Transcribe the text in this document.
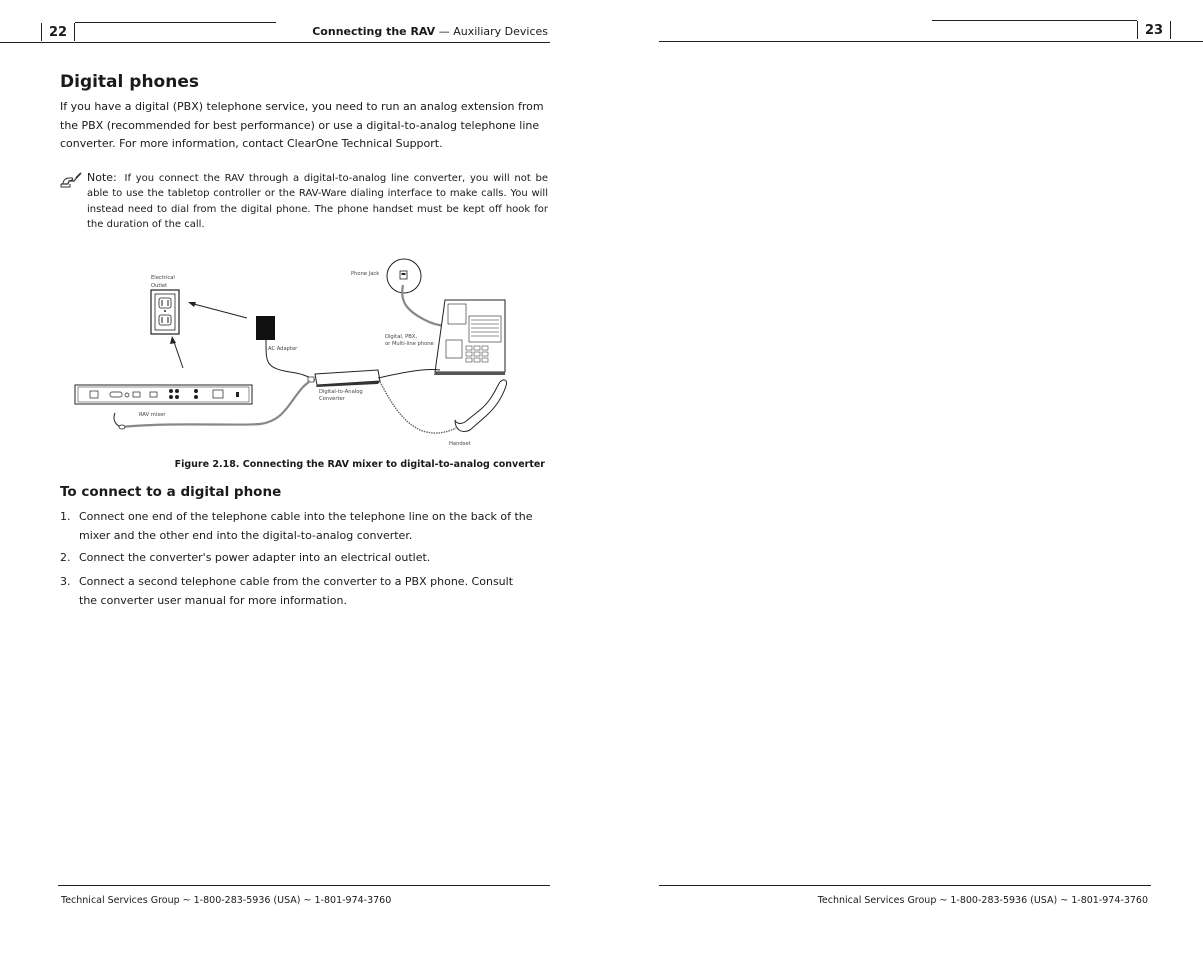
22	Connecting the RAV — Auxiliary Devices
Digital phones
If you have a digital (PBX) telephone service, you need to run an analog extension from the PBX (recommended for best performance) or use a digital-to-analog telephone line converter. For more information, contact ClearOne Technical Support.
Note: If you connect the RAV through a digital-to-analog line converter, you will not be able to use the tabletop controller or the RAV-Ware dialing interface to make calls. You will instead need to dial from the digital phone. The phone handset must be kept off hook for the duration of the call.
Electrical
Outlet
AC Adapter
Phone Jack
Digital, PBX,
or Multi-line phone
Digital-to-Analog
Converter
RAV mixer
Handset
Figure 2.18. Connecting the RAV mixer to digital-to-analog converter
To connect to a digital phone
1. Connect one end of the telephone cable into the telephone line on the back of the mixer and the other end into the digital-to-analog converter.
2. Connect the converter's power adapter into an electrical outlet.
3. Connect a second telephone cable from the converter to a PBX phone. Consult the converter user manual for more information.
Technical Services Group ~ 1-800-283-5936 (USA) ~ 1-801-974-3760
23
Technical Services Group ~ 1-800-283-5936 (USA) ~ 1-801-974-3760
